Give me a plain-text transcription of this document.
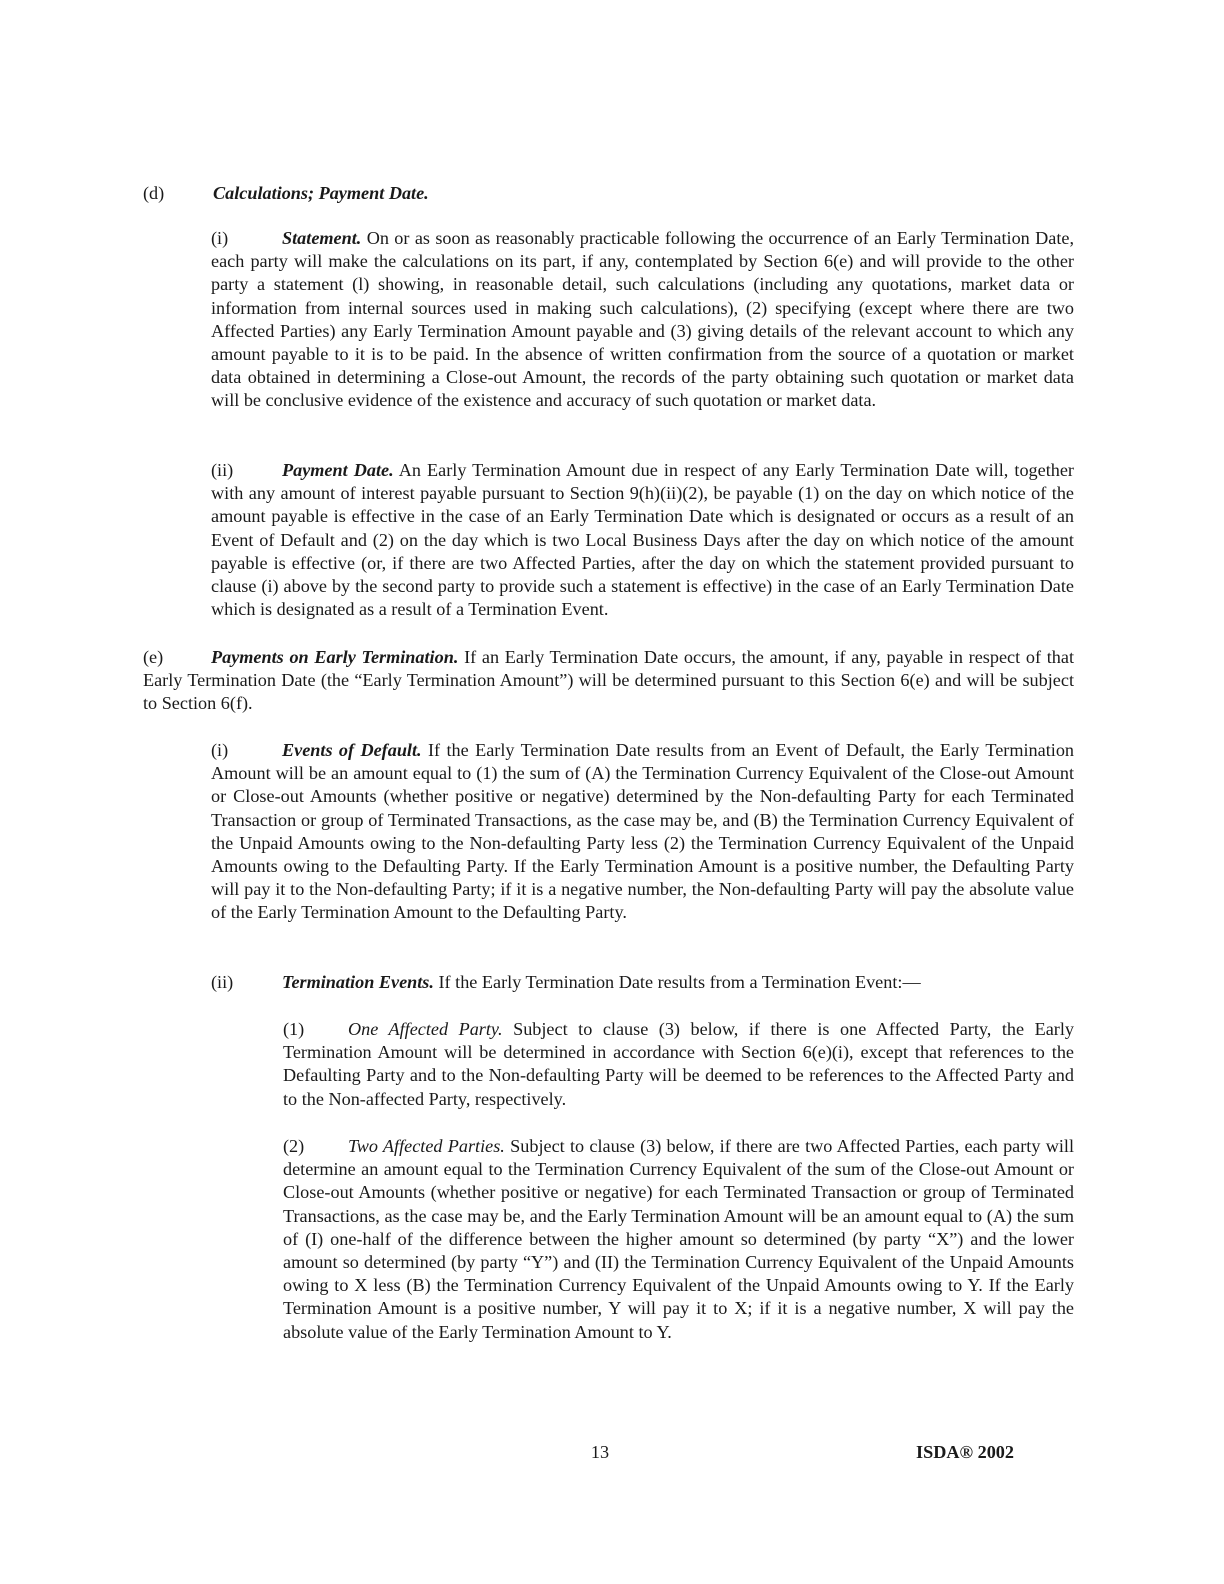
(d)	Calculations; Payment Date.

(i)	Statement. On or as soon as reasonably practicable following the occurrence of an Early Termination Date, each party will make the calculations on its part, if any, contemplated by Section 6(e) and will provide to the other party a statement (l) showing, in reasonable detail, such calculations (including any quotations, market data or information from internal sources used in making such calculations), (2) specifying (except where there are two Affected Parties) any Early Termination Amount payable and (3) giving details of the relevant account to which any amount payable to it is to be paid. In the absence of written confirmation from the source of a quotation or market data obtained in determining a Close-out Amount, the records of the party obtaining such quotation or market data will be conclusive evidence of the existence and accuracy of such quotation or market data.

(ii)	Payment Date. An Early Termination Amount due in respect of any Early Termination Date will, together with any amount of interest payable pursuant to Section 9(h)(ii)(2), be payable (1) on the day on which notice of the amount payable is effective in the case of an Early Termination Date which is designated or occurs as a result of an Event of Default and (2) on the day which is two Local Business Days after the day on which notice of the amount payable is effective (or, if there are two Affected Parties, after the day on which the statement provided pursuant to clause (i) above by the second party to provide such a statement is effective) in the case of an Early Termination Date which is designated as a result of a Termination Event.

(e)	Payments on Early Termination. If an Early Termination Date occurs, the amount, if any, payable in respect of that Early Termination Date (the “Early Termination Amount”) will be determined pursuant to this Section 6(e) and will be subject to Section 6(f).

(i)	Events of Default. If the Early Termination Date results from an Event of Default, the Early Termination Amount will be an amount equal to (1) the sum of (A) the Termination Currency Equivalent of the Close-out Amount or Close-out Amounts (whether positive or negative) determined by the Non-defaulting Party for each Terminated Transaction or group of Terminated Transactions, as the case may be, and (B) the Termination Currency Equivalent of the Unpaid Amounts owing to the Non-defaulting Party less (2) the Termination Currency Equivalent of the Unpaid Amounts owing to the Defaulting Party. If the Early Termination Amount is a positive number, the Defaulting Party will pay it to the Non-defaulting Party; if it is a negative number, the Non-defaulting Party will pay the absolute value of the Early Termination Amount to the Defaulting Party.

(ii)	Termination Events. If the Early Termination Date results from a Termination Event:—

(1) One Affected Party. Subject to clause (3) below, if there is one Affected Party, the Early Termination Amount will be determined in accordance with Section 6(e)(i), except that references to the Defaulting Party and to the Non-defaulting Party will be deemed to be references to the Affected Party and to the Non-affected Party, respectively.

(2) Two Affected Parties. Subject to clause (3) below, if there are two Affected Parties, each party will determine an amount equal to the Termination Currency Equivalent of the sum of the Close-out Amount or Close-out Amounts (whether positive or negative) for each Terminated Transaction or group of Terminated Transactions, as the case may be, and the Early Termination Amount will be an amount equal to (A) the sum of (I) one-half of the difference between the higher amount so determined (by party “X”) and the lower amount so determined (by party “Y”) and (II) the Termination Currency Equivalent of the Unpaid Amounts owing to X less (B) the Termination Currency Equivalent of the Unpaid Amounts owing to Y. If the Early Termination Amount is a positive number, Y will pay it to X; if it is a negative number, X will pay the absolute value of the Early Termination Amount to Y.

13	ISDA® 2002
